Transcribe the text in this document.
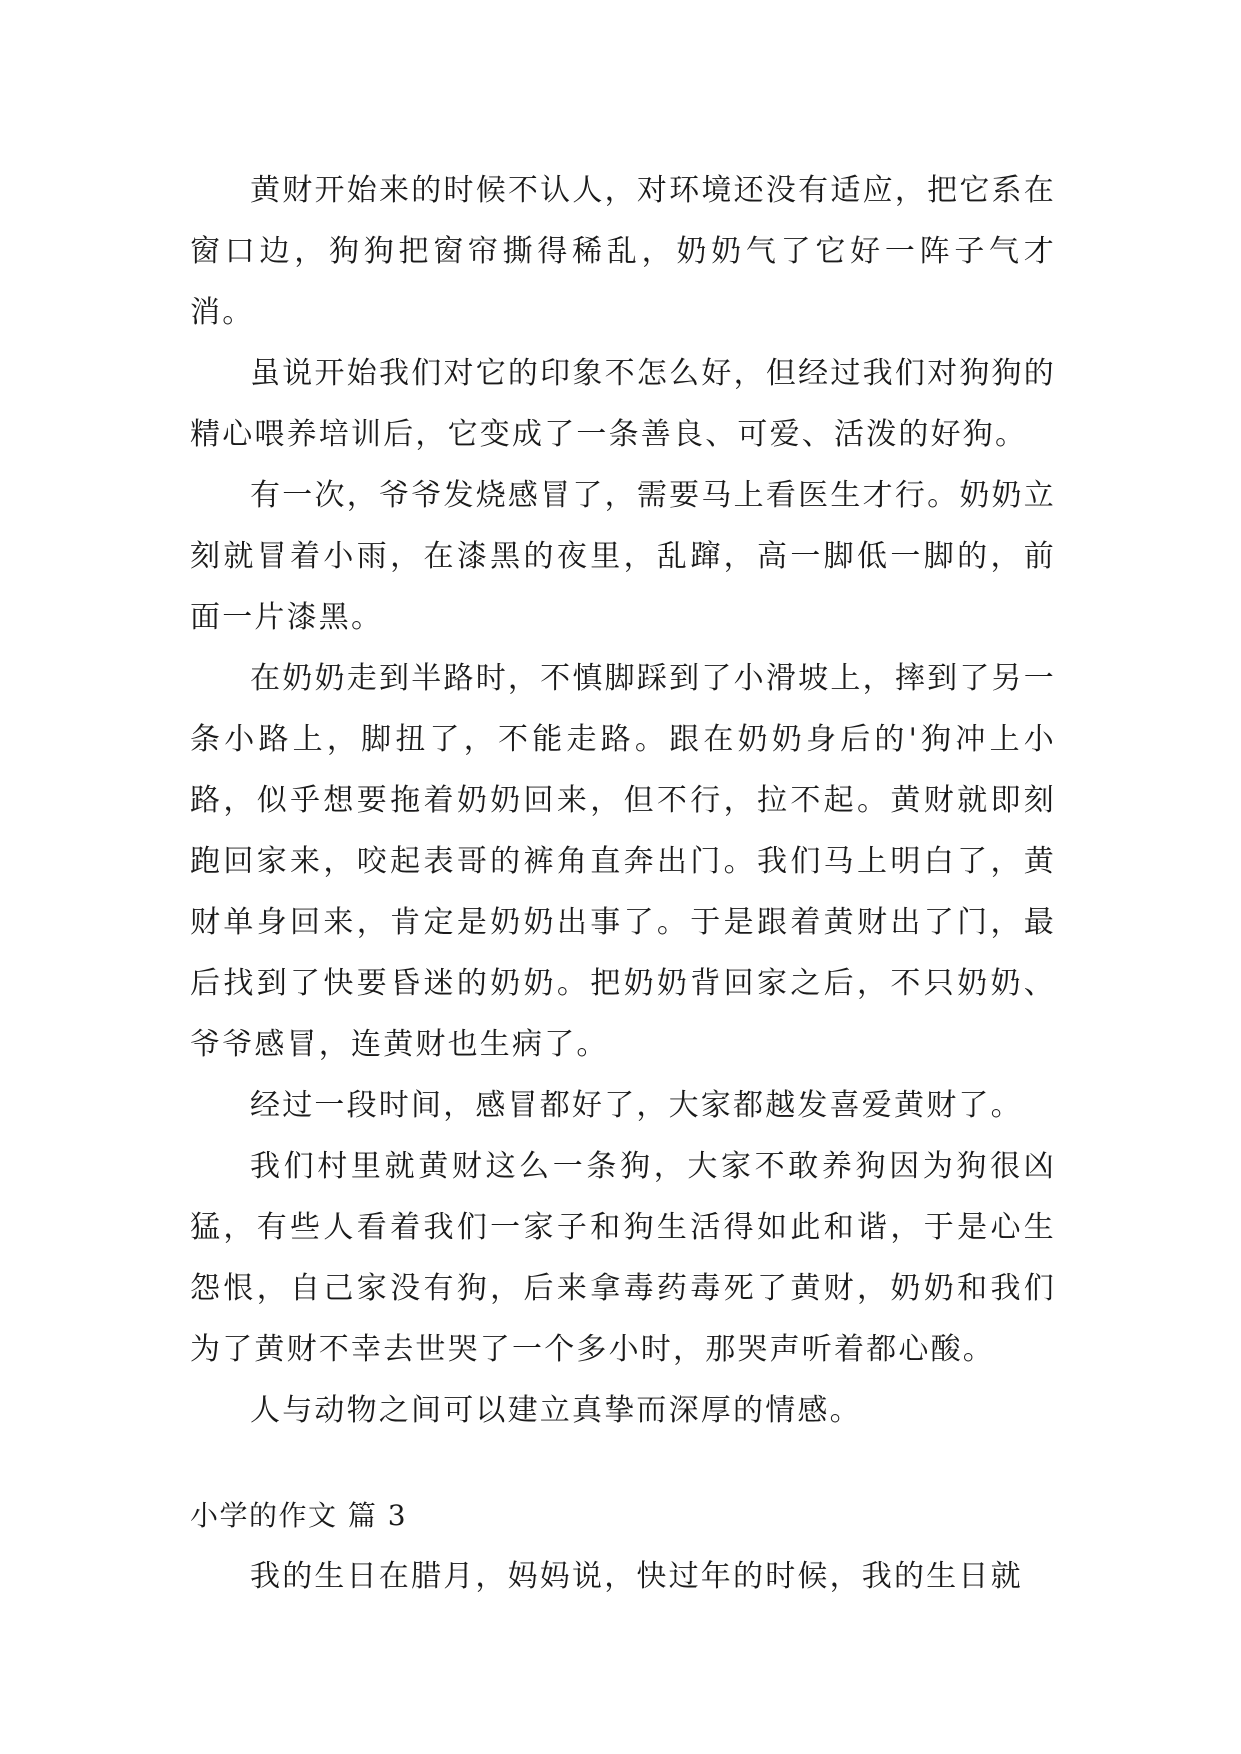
黄财开始来的时候不认人，对环境还没有适应，把它系在窗口边，狗狗把窗帘撕得稀乱，奶奶气了它好一阵子气才消。

虽说开始我们对它的印象不怎么好，但经过我们对狗狗的精心喂养培训后，它变成了一条善良、可爱、活泼的好狗。

有一次，爷爷发烧感冒了，需要马上看医生才行。奶奶立刻就冒着小雨，在漆黑的夜里，乱蹿，高一脚低一脚的，前面一片漆黑。

在奶奶走到半路时，不慎脚踩到了小滑坡上，摔到了另一条小路上，脚扭了，不能走路。跟在奶奶身后的'狗冲上小路，似乎想要拖着奶奶回来，但不行，拉不起。黄财就即刻跑回家来，咬起表哥的裤角直奔出门。我们马上明白了，黄财单身回来，肯定是奶奶出事了。于是跟着黄财出了门，最后找到了快要昏迷的奶奶。把奶奶背回家之后，不只奶奶、爷爷感冒，连黄财也生病了。

经过一段时间，感冒都好了，大家都越发喜爱黄财了。

我们村里就黄财这么一条狗，大家不敢养狗因为狗很凶猛，有些人看着我们一家子和狗生活得如此和谐，于是心生怨恨，自己家没有狗，后来拿毒药毒死了黄财，奶奶和我们为了黄财不幸去世哭了一个多小时，那哭声听着都心酸。

人与动物之间可以建立真挚而深厚的情感。

小学的作文 篇 3

我的生日在腊月，妈妈说，快过年的时候，我的生日就
